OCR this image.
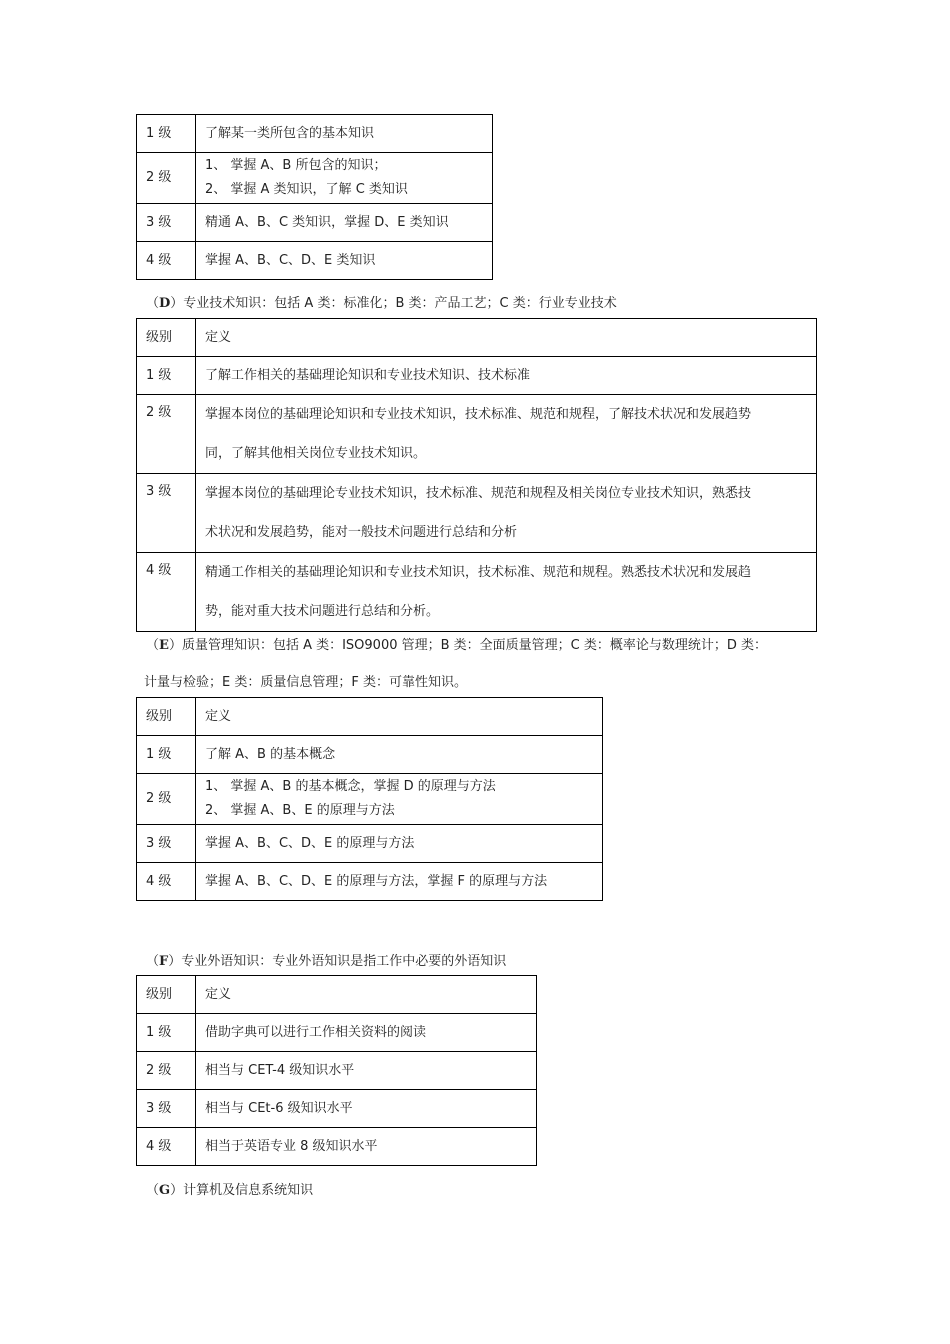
1 级	了解某一类所包含的基本知识
2 级	1、 掌握 A、B 所包含的知识；
2、 掌握 A 类知识，了解 C 类知识

3 级	精通 A、B、C 类知识，掌握 D、E 类知识
4 级	掌握 A、B、C、D、E 类知识
（D）专业技术知识：包括 A 类：标准化；B 类：产品工艺；C 类：行业专业技术
级别	定义
1 级	了解工作相关的基础理论知识和专业技术知识、技术标准
2 级	掌握本岗位的基础理论知识和专业技术知识，技术标准、规范和规程，了解技术状况和发展趋势
同，了解其他相关岗位专业技术知识。

3 级	掌握本岗位的基础理论专业技术知识，技术标准、规范和规程及相关岗位专业技术知识，熟悉技
术状况和发展趋势，能对一般技术问题进行总结和分析

4 级	精通工作相关的基础理论知识和专业技术知识，技术标准、规范和规程。熟悉技术状况和发展趋
势，能对重大技术问题进行总结和分析。
（E）质量管理知识：包括 A 类：ISO9000 管理；B 类：全面质量管理；C 类：概率论与数理统计；D 类：
计量与检验；E 类：质量信息管理；F 类：可靠性知识。
级别	定义
1 级	了解 A、B 的基本概念
2 级	1、 掌握 A、B 的基本概念，掌握 D 的原理与方法
2、 掌握 A、B、E 的原理与方法

3 级	掌握 A、B、C、D、E 的原理与方法
4 级	掌握 A、B、C、D、E 的原理与方法，掌握 F 的原理与方法
（F）专业外语知识：专业外语知识是指工作中必要的外语知识
级别	定义
1 级	借助字典可以进行工作相关资料的阅读
2 级	相当与 CET-4 级知识水平
3 级	相当与 CEt-6 级知识水平
4 级	相当于英语专业 8 级知识水平
（G）计算机及信息系统知识
